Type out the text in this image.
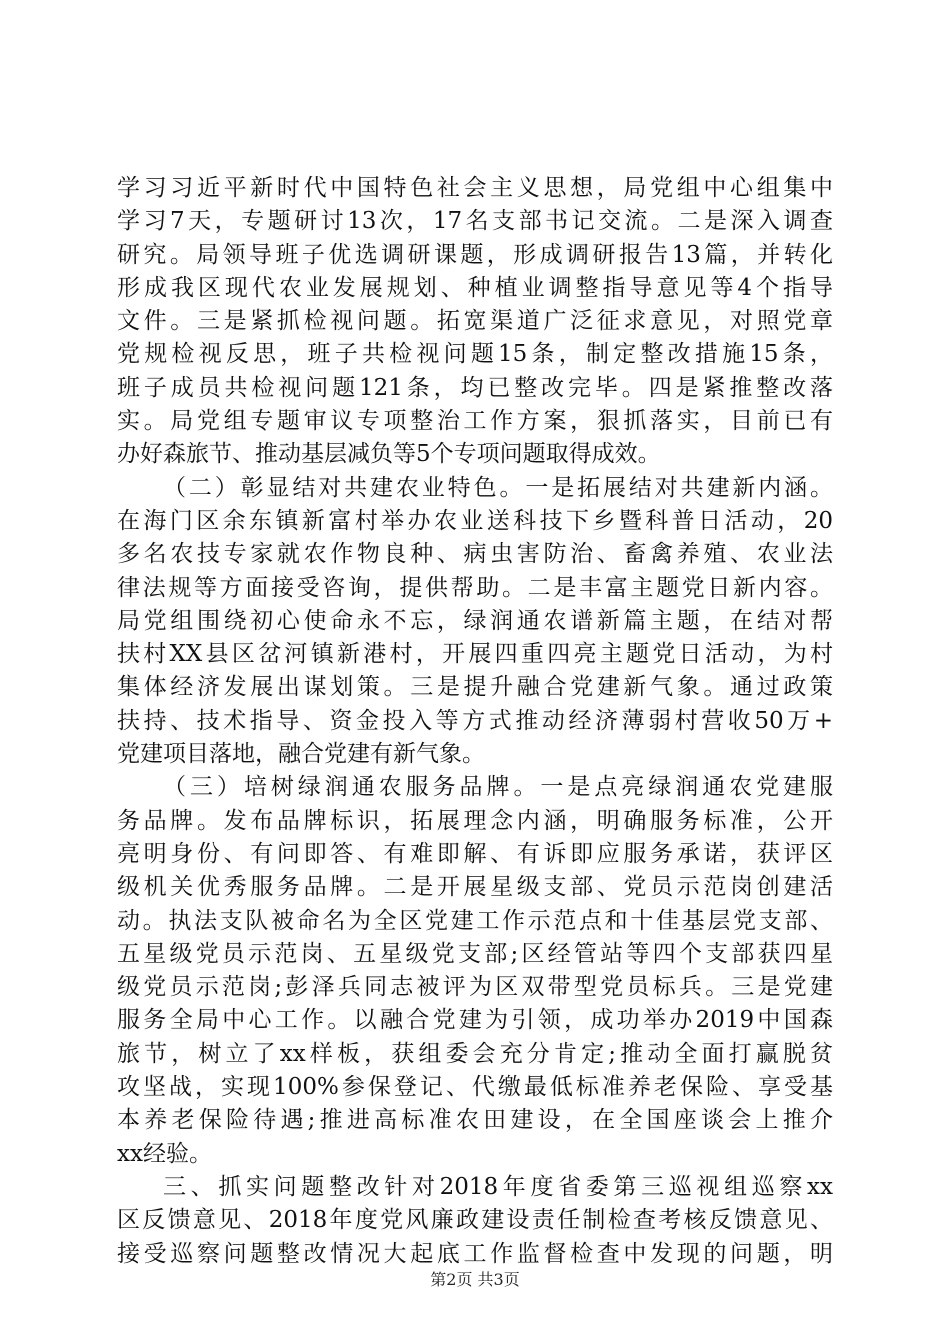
学习习近平新时代中国特色社会主义思想，局党组中心组集中
学习7天，专题研讨13次，17名支部书记交流。二是深入调查
研究。局领导班子优选调研课题，形成调研报告13篇，并转化
形成我区现代农业发展规划、种植业调整指导意见等4个指导
文件。三是紧抓检视问题。拓宽渠道广泛征求意见，对照党章
党规检视反思，班子共检视问题15条，制定整改措施15条，
班子成员共检视问题121条，均已整改完毕。四是紧推整改落
实。局党组专题审议专项整治工作方案，狠抓落实，目前已有
办好森旅节、推动基层减负等5个专项问题取得成效。
（二）彰显结对共建农业特色。一是拓展结对共建新内涵。
在海门区余东镇新富村举办农业送科技下乡暨科普日活动，20
多名农技专家就农作物良种、病虫害防治、畜禽养殖、农业法
律法规等方面接受咨询，提供帮助。二是丰富主题党日新内容。
局党组围绕初心使命永不忘，绿润通农谱新篇主题，在结对帮
扶村XX县区岔河镇新港村，开展四重四亮主题党日活动，为村
集体经济发展出谋划策。三是提升融合党建新气象。通过政策
扶持、技术指导、资金投入等方式推动经济薄弱村营收50万+
党建项目落地，融合党建有新气象。
（三）培树绿润通农服务品牌。一是点亮绿润通农党建服
务品牌。发布品牌标识，拓展理念内涵，明确服务标准，公开
亮明身份、有问即答、有难即解、有诉即应服务承诺，获评区
级机关优秀服务品牌。二是开展星级支部、党员示范岗创建活
动。执法支队被命名为全区党建工作示范点和十佳基层党支部、
五星级党员示范岗、五星级党支部;区经管站等四个支部获四星
级党员示范岗;彭泽兵同志被评为区双带型党员标兵。三是党建
服务全局中心工作。以融合党建为引领，成功举办2019中国森
旅节，树立了xx样板，获组委会充分肯定;推动全面打赢脱贫
攻坚战，实现100%参保登记、代缴最低标准养老保险、享受基
本养老保险待遇;推进高标准农田建设，在全国座谈会上推介
xx经验。
三、抓实问题整改针对2018年度省委第三巡视组巡察xx
区反馈意见、2018年度党风廉政建设责任制检查考核反馈意见、
接受巡察问题整改情况大起底工作监督检查中发现的问题，明
第2页 共3页
